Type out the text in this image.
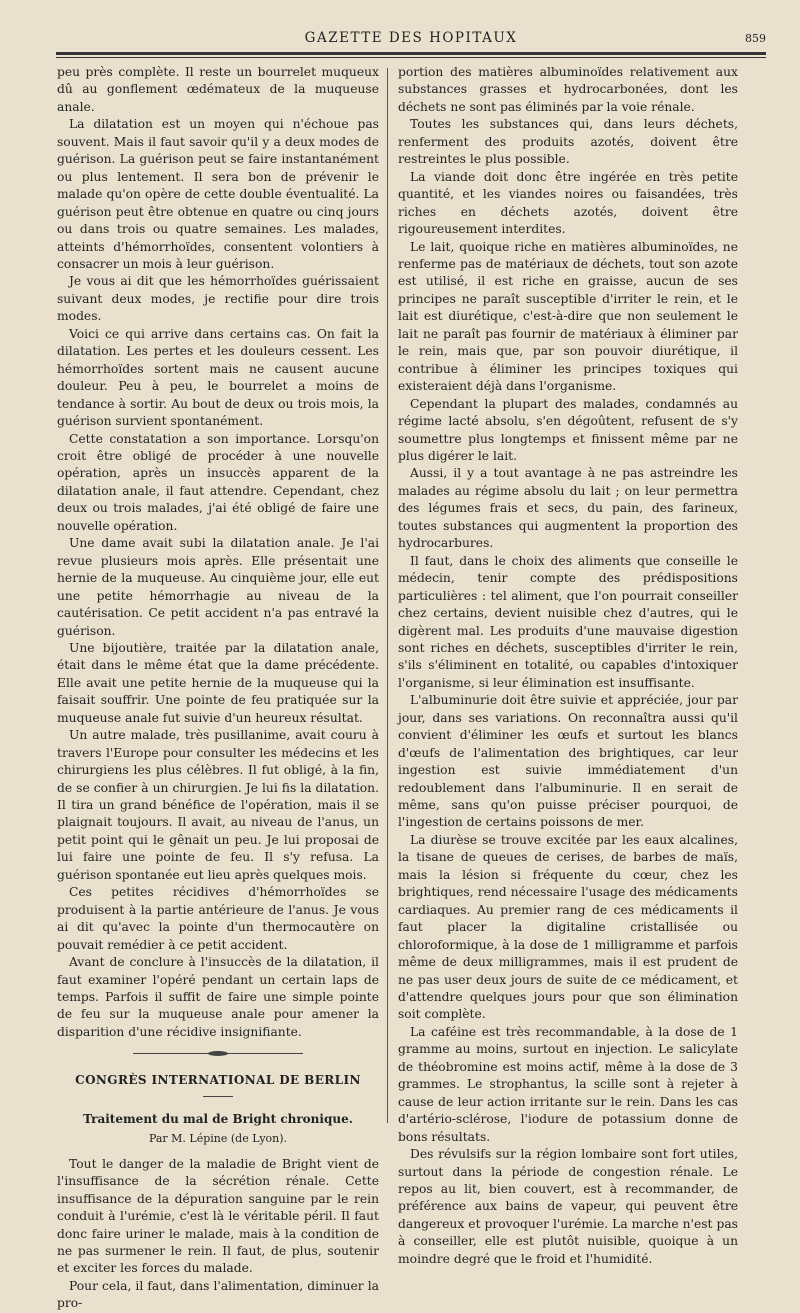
GAZETTE DES HOPITAUX	859

peu près complète. Il reste un bourrelet muqueux dû au gonflement œdémateux de la muqueuse anale.

La dilatation est un moyen qui n'échoue pas souvent. Mais il faut savoir qu'il y a deux modes de guérison. La guérison peut se faire instantanément ou plus lentement. Il sera bon de prévenir le malade qu'on opère de cette double éventualité. La guérison peut être obtenue en quatre ou cinq jours ou dans trois ou quatre semaines. Les malades, atteints d'hémorrhoïdes, consentent volontiers à consacrer un mois à leur guérison.

Je vous ai dit que les hémorrhoïdes guérissaient suivant deux modes, je rectifie pour dire trois modes.

Voici ce qui arrive dans certains cas. On fait la dilatation. Les pertes et les douleurs cessent. Les hémorrhoïdes sortent mais ne causent aucune douleur. Peu à peu, le bourrelet a moins de tendance à sortir. Au bout de deux ou trois mois, la guérison survient spontanément.

Cette constatation a son importance. Lorsqu'on croit être obligé de procéder à une nouvelle opération, après un insuccès apparent de la dilatation anale, il faut attendre. Cependant, chez deux ou trois malades, j'ai été obligé de faire une nouvelle opération.

Une dame avait subi la dilatation anale. Je l'ai revue plusieurs mois après. Elle présentait une hernie de la muqueuse. Au cinquième jour, elle eut une petite hémorrhagie au niveau de la cautérisation. Ce petit accident n'a pas entravé la guérison.

Une bijoutière, traitée par la dilatation anale, était dans le même état que la dame précédente. Elle avait une petite hernie de la muqueuse qui la faisait souffrir. Une pointe de feu pratiquée sur la muqueuse anale fut suivie d'un heureux résultat.

Un autre malade, très pusillanime, avait couru à travers l'Europe pour consulter les médecins et les chirurgiens les plus célèbres. Il fut obligé, à la fin, de se confier à un chirurgien. Je lui fis la dilatation. Il tira un grand bénéfice de l'opération, mais il se plaignait toujours. Il avait, au niveau de l'anus, un petit point qui le gênait un peu. Je lui proposai de lui faire une pointe de feu. Il s'y refusa. La guérison spontanée eut lieu après quelques mois.

Ces petites récidives d'hémorrhoïdes se produisent à la partie antérieure de l'anus. Je vous ai dit qu'avec la pointe d'un thermocautère on pouvait remédier à ce petit accident.

Avant de conclure à l'insuccès de la dilatation, il faut examiner l'opéré pendant un certain laps de temps. Parfois il suffit de faire une simple pointe de feu sur la muqueuse anale pour amener la disparition d'une récidive insignifiante.

CONGRÈS INTERNATIONAL DE BERLIN
Traitement du mal de Bright chronique.
Par M. Lépine (de Lyon).

Tout le danger de la maladie de Bright vient de l'insuffisance de la sécrétion rénale. Cette insuffisance de la dépuration sanguine par le rein conduit à l'urémie, c'est là le véritable péril. Il faut donc faire uriner le malade, mais à la condition de ne pas surmener le rein. Il faut, de plus, soutenir et exciter les forces du malade.

Pour cela, il faut, dans l'alimentation, diminuer la pro-

portion des matières albuminoïdes relativement aux substances grasses et hydrocarbonées, dont les déchets ne sont pas éliminés par la voie rénale.

Toutes les substances qui, dans leurs déchets, renferment des produits azotés, doivent être restreintes le plus possible.

La viande doit donc être ingérée en très petite quantité, et les viandes noires ou faisandées, très riches en déchets azotés, doivent être rigoureusement interdites.

Le lait, quoique riche en matières albuminoïdes, ne renferme pas de matériaux de déchets, tout son azote est utilisé, il est riche en graisse, aucun de ses principes ne paraît susceptible d'irriter le rein, et le lait est diurétique, c'est-à-dire que non seulement le lait ne paraît pas fournir de matériaux à éliminer par le rein, mais que, par son pouvoir diurétique, il contribue à éliminer les principes toxiques qui existeraient déjà dans l'organisme.

Cependant la plupart des malades, condamnés au régime lacté absolu, s'en dégoûtent, refusent de s'y soumettre plus longtemps et finissent même par ne plus digérer le lait.

Aussi, il y a tout avantage à ne pas astreindre les malades au régime absolu du lait ; on leur permettra des légumes frais et secs, du pain, des farineux, toutes substances qui augmentent la proportion des hydrocarbures.

Il faut, dans le choix des aliments que conseille le médecin, tenir compte des prédispositions particulières : tel aliment, que l'on pourrait conseiller chez certains, devient nuisible chez d'autres, qui le digèrent mal. Les produits d'une mauvaise digestion sont riches en déchets, susceptibles d'irriter le rein, s'ils s'éliminent en totalité, ou capables d'intoxiquer l'organisme, si leur élimination est insuffisante.

L'albuminurie doit être suivie et appréciée, jour par jour, dans ses variations. On reconnaîtra aussi qu'il convient d'éliminer les œufs et surtout les blancs d'œufs de l'alimentation des brightiques, car leur ingestion est suivie immédiatement d'un redoublement dans l'albuminurie. Il en serait de même, sans qu'on puisse préciser pourquoi, de l'ingestion de certains poissons de mer.

La diurèse se trouve excitée par les eaux alcalines, la tisane de queues de cerises, de barbes de maïs, mais la lésion si fréquente du cœur, chez les brightiques, rend nécessaire l'usage des médicaments cardiaques. Au premier rang de ces médicaments il faut placer la digitaline cristallisée ou chloroformique, à la dose de 1 milligramme et parfois même de deux milligrammes, mais il est prudent de ne pas user deux jours de suite de ce médicament, et d'attendre quelques jours pour que son élimination soit complète.

La caféine est très recommandable, à la dose de 1 gramme au moins, surtout en injection. Le salicylate de théobromine est moins actif, même à la dose de 3 grammes. Le strophantus, la scille sont à rejeter à cause de leur action irritante sur le rein. Dans les cas d'artério-sclérose, l'iodure de potassium donne de bons résultats.

Des révulsifs sur la région lombaire sont fort utiles, surtout dans la période de congestion rénale. Le repos au lit, bien couvert, est à recommander, de préférence aux bains de vapeur, qui peuvent être dangereux et provoquer l'urémie. La marche n'est pas à conseiller, elle est plutôt nuisible, quoique à un moindre degré que le froid et l'humidité.
